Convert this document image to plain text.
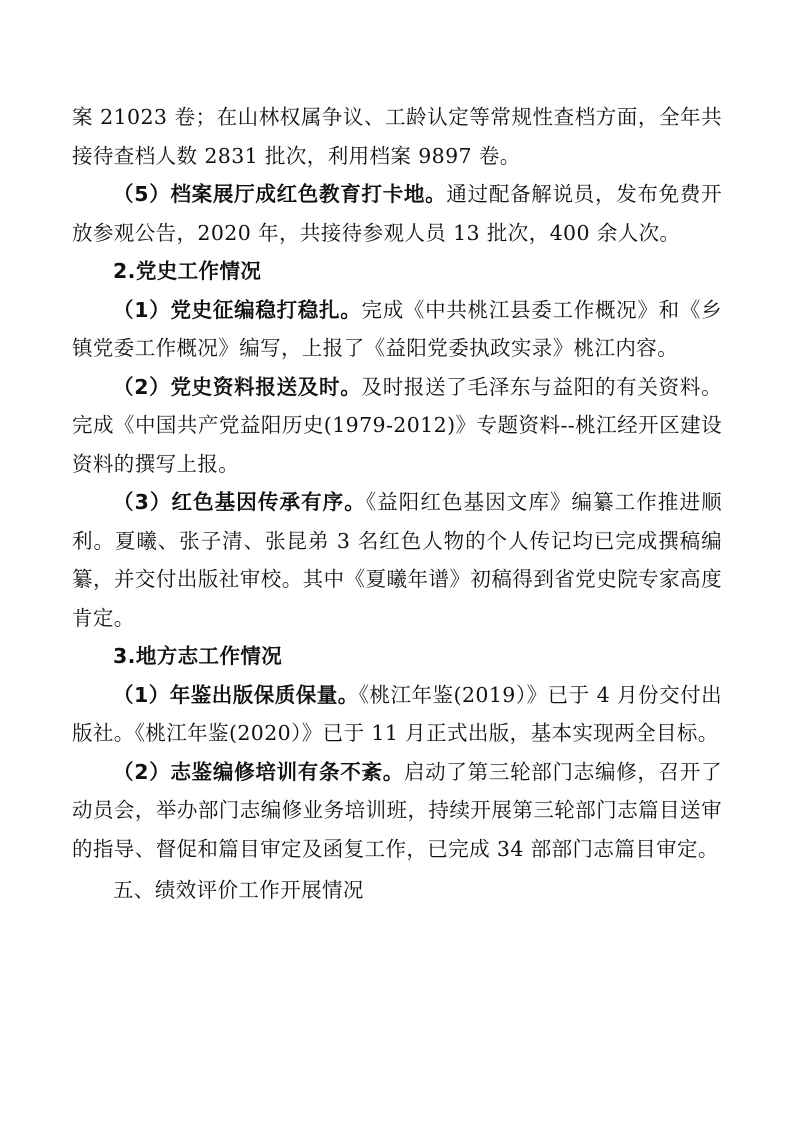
案 21023 卷；在山林权属争议、工龄认定等常规性查档方面，全年共接待查档人数 2831 批次，利用档案 9897 卷。

（5）档案展厅成红色教育打卡地。通过配备解说员，发布免费开放参观公告，2020 年，共接待参观人员 13 批次，400 余人次。

2.党史工作情况

（1）党史征编稳打稳扎。完成《中共桃江县委工作概况》和《乡镇党委工作概况》编写，上报了《益阳党委执政实录》桃江内容。

（2）党史资料报送及时。及时报送了毛泽东与益阳的有关资料。完成《中国共产党益阳历史(1979-2012)》专题资料--桃江经开区建设资料的撰写上报。

（3）红色基因传承有序。《益阳红色基因文库》编纂工作推进顺利。夏曦、张子清、张昆弟 3 名红色人物的个人传记均已完成撰稿编纂，并交付出版社审校。其中《夏曦年谱》初稿得到省党史院专家高度肯定。

3.地方志工作情况

（1）年鉴出版保质保量。《桃江年鉴(2019）》已于 4 月份交付出版社。《桃江年鉴(2020）》已于 11 月正式出版，基本实现两全目标。

（2）志鉴编修培训有条不紊。启动了第三轮部门志编修，召开了动员会，举办部门志编修业务培训班，持续开展第三轮部门志篇目送审的指导、督促和篇目审定及函复工作，已完成 34 部部门志篇目审定。

五、绩效评价工作开展情况
